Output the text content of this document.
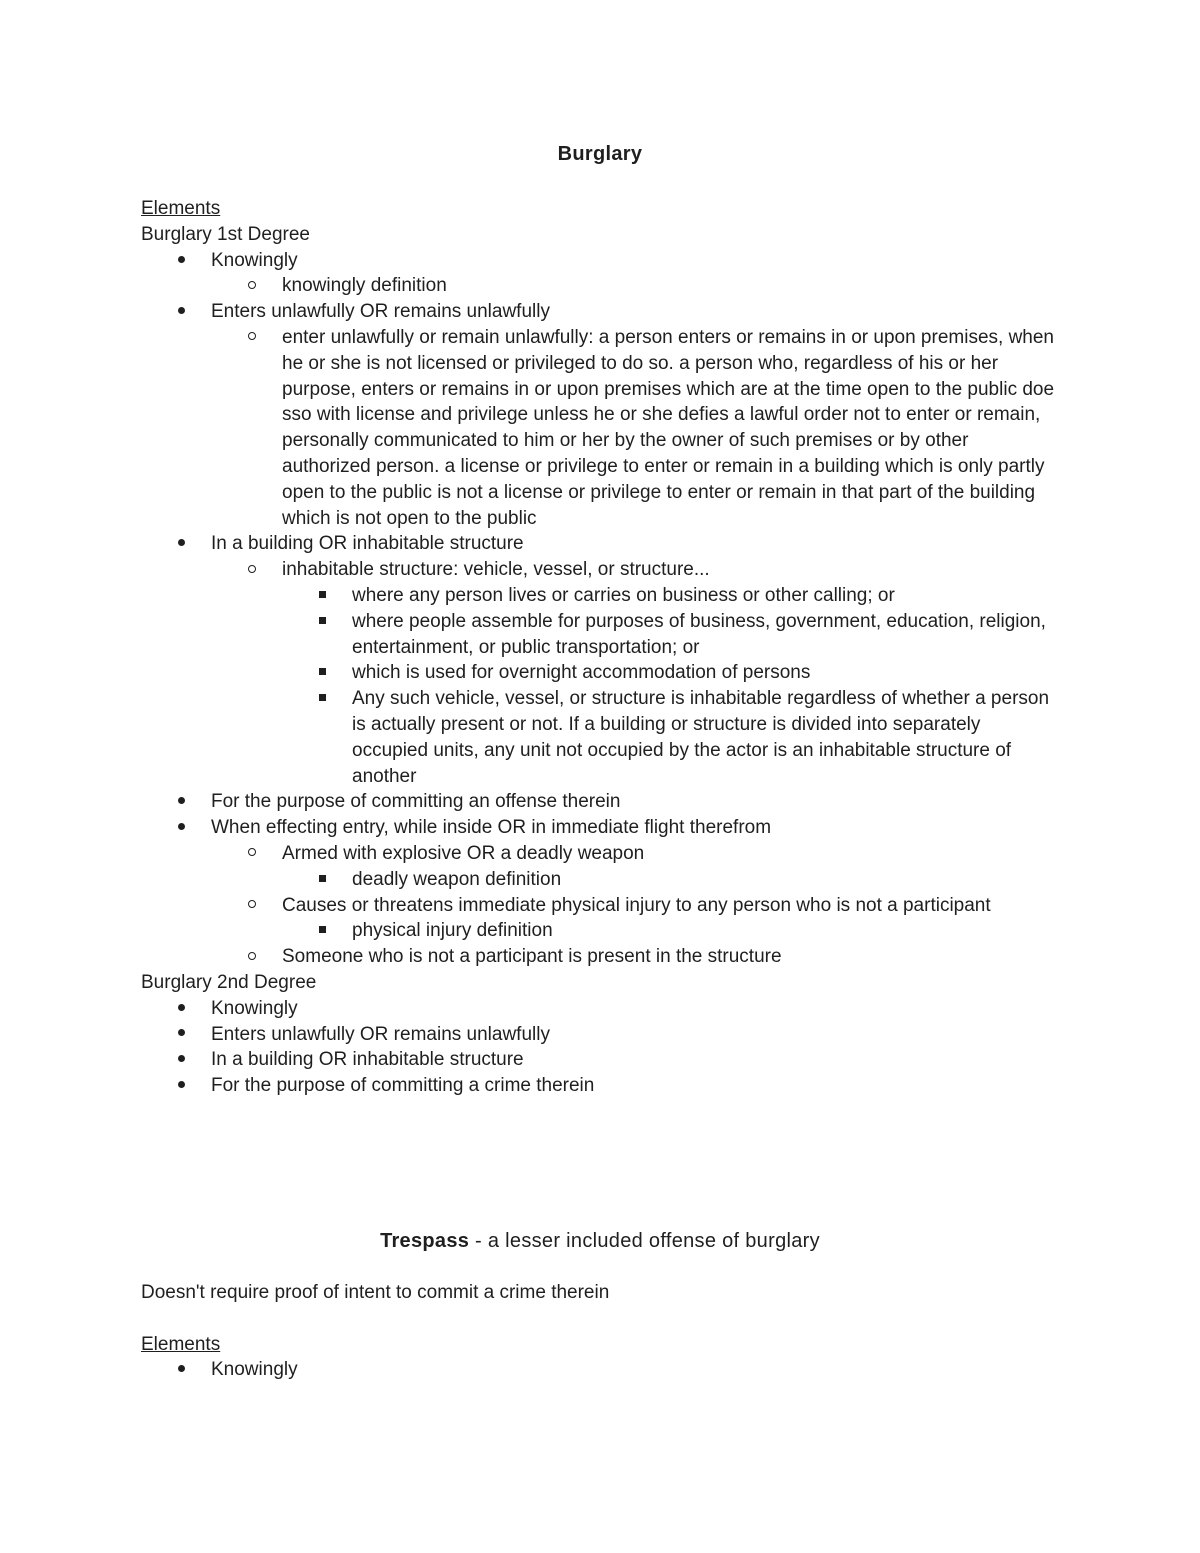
Burglary
Elements
Burglary 1st Degree
Knowingly
knowingly definition
Enters unlawfully OR remains unlawfully
enter unlawfully or remain unlawfully: a person enters or remains in or upon premises, when he or she is not licensed or privileged to do so. a person who, regardless of his or her purpose, enters or remains in or upon premises which are at the time open to the public doe sso with license and privilege unless he or she defies a lawful order not to enter or remain, personally communicated to him or her by the owner of such premises or by other authorized person. a license or privilege to enter or remain in a building which is only partly open to the public is not a license or privilege to enter or remain in that part of the building which is not open to the public
In a building OR inhabitable structure
inhabitable structure: vehicle, vessel, or structure...
where any person lives or carries on business or other calling; or
where people assemble for purposes of business, government, education, religion, entertainment, or public transportation; or
which is used for overnight accommodation of persons
Any such vehicle, vessel, or structure is inhabitable regardless of whether a person is actually present or not. If a building or structure is divided into separately occupied units, any unit not occupied by the actor is an inhabitable structure of another
For the purpose of committing an offense therein
When effecting entry, while inside OR in immediate flight therefrom
Armed with explosive OR a deadly weapon
deadly weapon definition
Causes or threatens immediate physical injury to any person who is not a participant
physical injury definition
Someone who is not a participant is present in the structure
Burglary 2nd Degree
Knowingly
Enters unlawfully OR remains unlawfully
In a building OR inhabitable structure
For the purpose of committing a crime therein
Trespass - a lesser included offense of burglary
Doesn't require proof of intent to commit a crime therein
Elements
Knowingly
